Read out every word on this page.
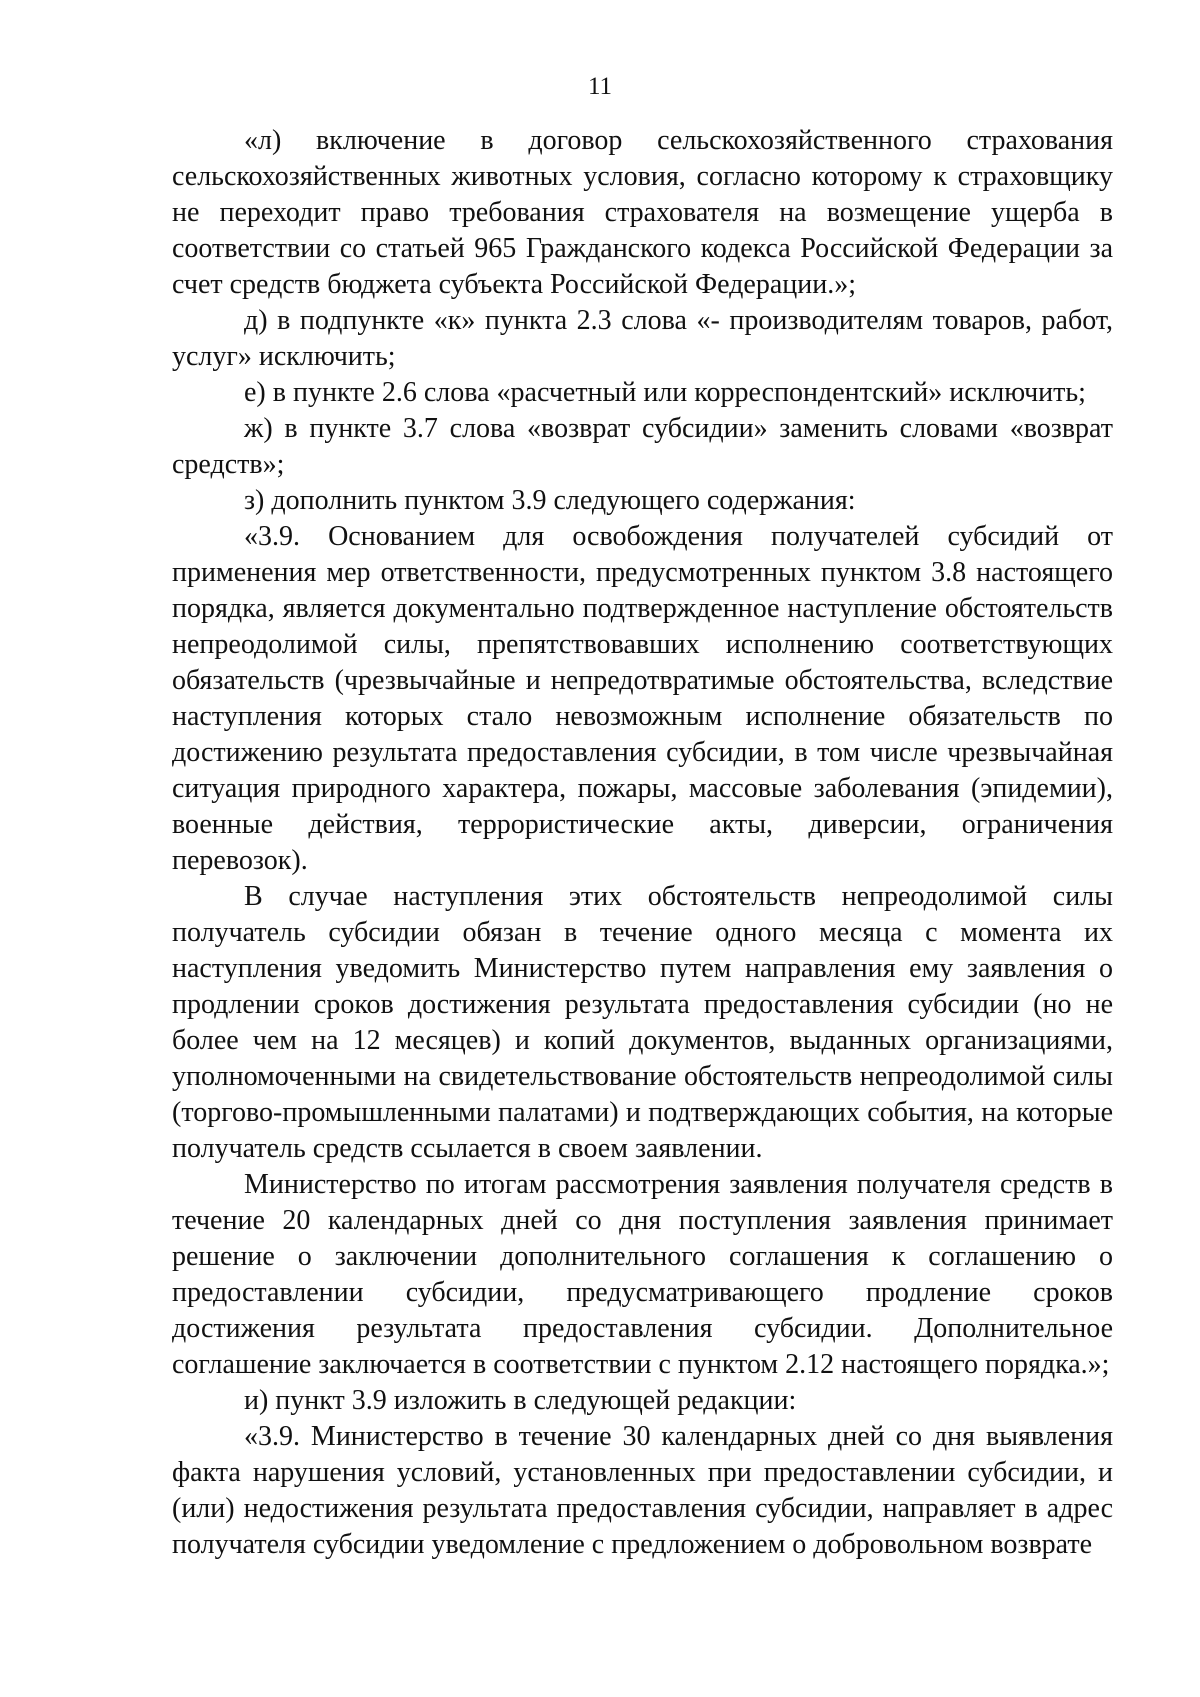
11

«л) включение в договор сельскохозяйственного страхования сельскохозяйственных животных условия, согласно которому к страховщику не переходит право требования страхователя на возмещение ущерба в соответствии со статьей 965 Гражданского кодекса Российской Федерации за счет средств бюджета субъекта Российской Федерации.»;

д) в подпункте «к» пункта 2.3 слова «- производителям товаров, работ, услуг» исключить;

е) в пункте 2.6 слова «расчетный или корреспондентский» исключить;

ж) в пункте 3.7 слова «возврат субсидии» заменить словами «возврат средств»;

з) дополнить пунктом 3.9 следующего содержания:

«3.9. Основанием для освобождения получателей субсидий от применения мер ответственности, предусмотренных пунктом 3.8 настоящего порядка, является документально подтвержденное наступление обстоятельств непреодолимой силы, препятствовавших исполнению соответствующих обязательств (чрезвычайные и непредотвратимые обстоятельства, вследствие наступления которых стало невозможным исполнение обязательств по достижению результата предоставления субсидии, в том числе чрезвычайная ситуация природного характера, пожары, массовые заболевания (эпидемии), военные действия, террористические акты, диверсии, ограничения перевозок).

В случае наступления этих обстоятельств непреодолимой силы получатель субсидии обязан в течение одного месяца с момента их наступления уведомить Министерство путем направления ему заявления о продлении сроков достижения результата предоставления субсидии (но не более чем на 12 месяцев) и копий документов, выданных организациями, уполномоченными на свидетельствование обстоятельств непреодолимой силы (торгово-промышленными палатами) и подтверждающих события, на которые получатель средств ссылается в своем заявлении.

Министерство по итогам рассмотрения заявления получателя средств в течение 20 календарных дней со дня поступления заявления принимает решение о заключении дополнительного соглашения к соглашению о предоставлении субсидии, предусматривающего продление сроков достижения результата предоставления субсидии. Дополнительное соглашение заключается в соответствии с пунктом 2.12 настоящего порядка.»;

и) пункт 3.9 изложить в следующей редакции:

«3.9. Министерство в течение 30 календарных дней со дня выявления факта нарушения условий, установленных при предоставлении субсидии, и (или) недостижения результата предоставления субсидии, направляет в адрес получателя субсидии уведомление с предложением о добровольном возврате
